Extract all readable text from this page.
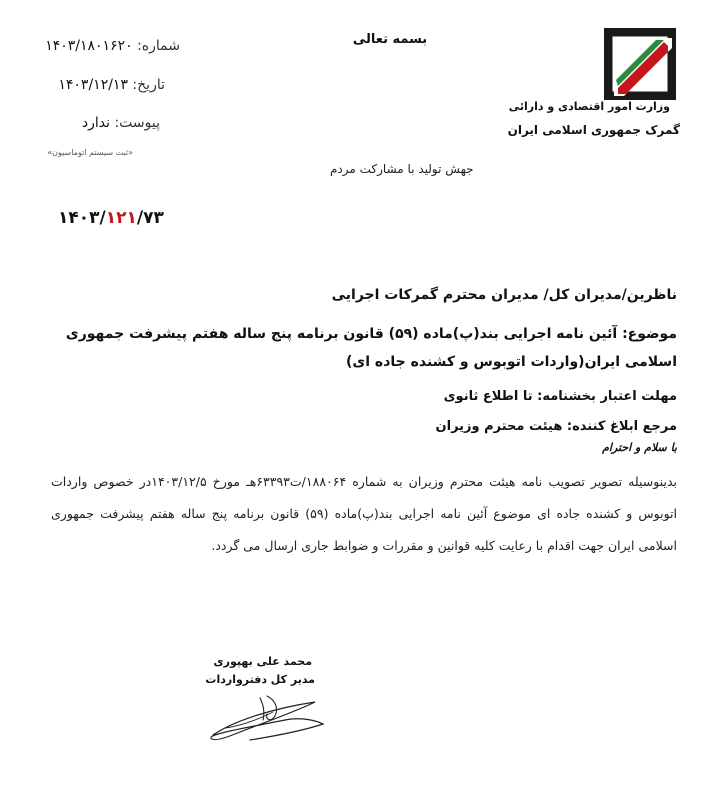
بسمه تعالی
وزارت امور اقتصادی و دارائی
گمرک جمهوری اسلامی ایران
شماره: ۱۴۰۳/۱۸۰۱۶۲۰
تاریخ: ۱۴۰۳/۱۲/۱۳
پیوست: ندارد
«ثبت سیستم اتوماسیون»
جهش تولید با مشارکت مردم
۱۴۰۳/۱۲۱/۷۳
ناظرین/مدیران کل/ مدیران محترم گمرکات اجرایی
موضوع: آئین نامه اجرایی بند(پ)ماده (۵۹) قانون برنامه پنج ساله هفتم پیشرفت جمهوری اسلامی ایران(واردات اتوبوس و کشنده جاده ای)
مهلت اعتبار بخشنامه: تا اطلاع ثانوی
مرجع ابلاغ کننده: هیئت محترم وزیران
با سلام و احترام
بدینوسیله تصویر تصویب نامه هیئت محترم وزیران به شماره ۱۸۸۰۶۴/ت۶۳۳۹۳هـ مورخ ۱۴۰۳/۱۲/۵در خصوص واردات اتوبوس و کشنده جاده ای موضوع آئین نامه اجرایی بند(پ)ماده (۵۹) قانون برنامه پنج ساله هفتم پیشرفت جمهوری اسلامی ایران جهت اقدام با رعایت کلیه قوانین و مقررات و ضوابط جاری ارسال می گردد.
محمد علی بهپوری
مدیر کل دفترواردات
